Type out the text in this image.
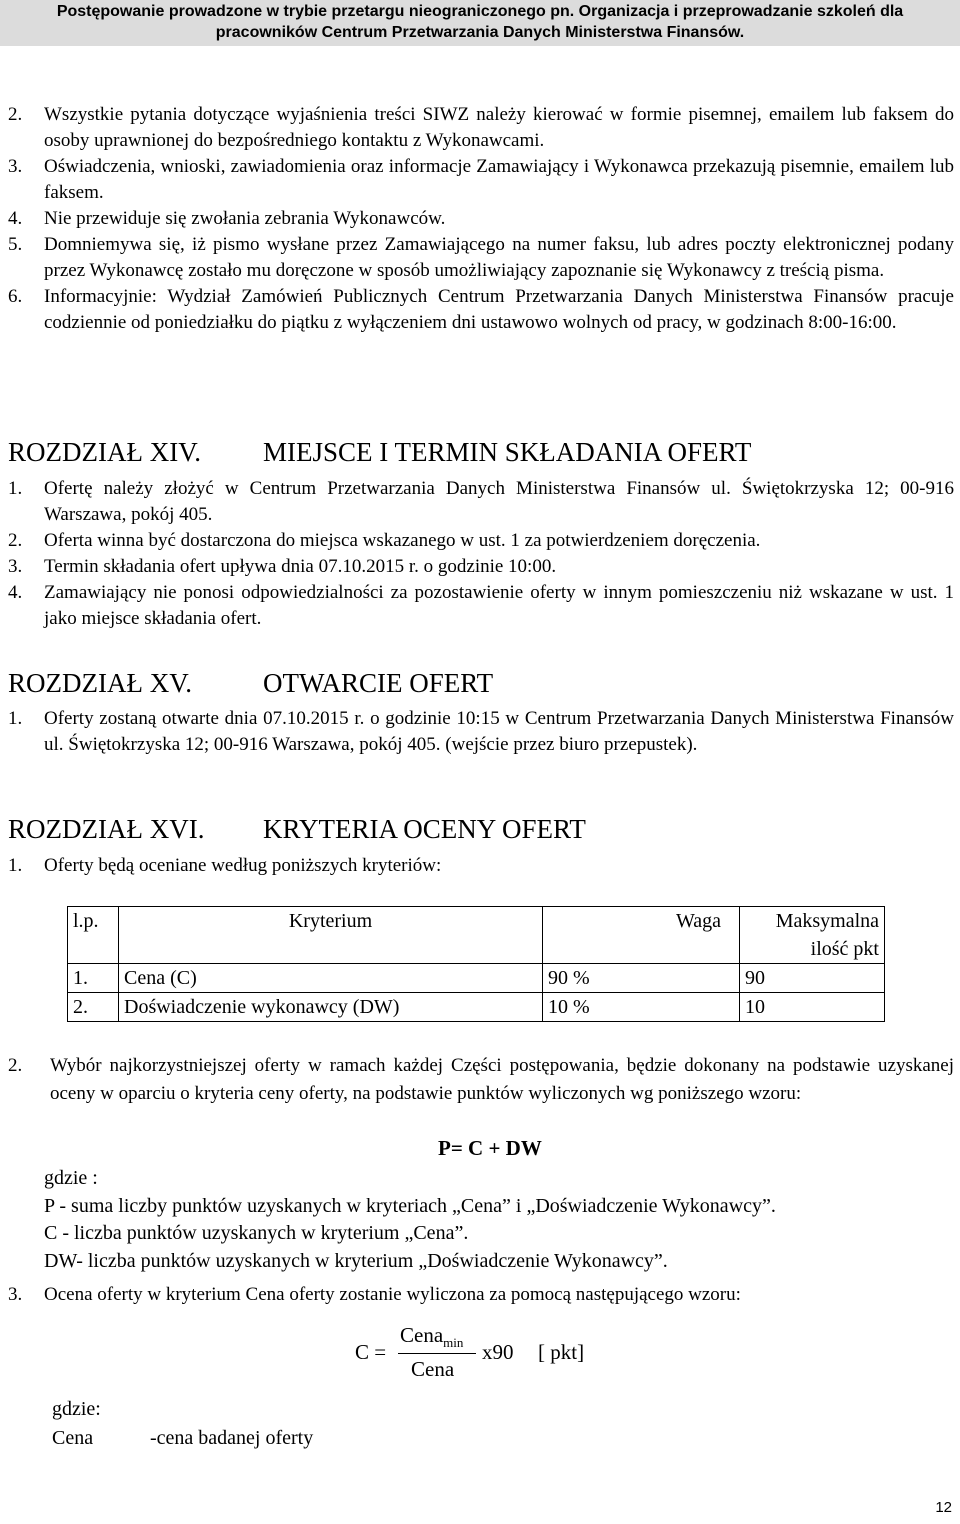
Postępowanie prowadzone w trybie przetargu nieograniczonego pn. Organizacja i przeprowadzanie szkoleń dla
pracowników Centrum Przetwarzania Danych Ministerstwa Finansów.
2. Wszystkie pytania dotyczące wyjaśnienia treści SIWZ należy kierować w formie pisemnej, emailem lub faksem do osoby uprawnionej do bezpośredniego kontaktu z Wykonawcami.
3. Oświadczenia, wnioski, zawiadomienia oraz informacje Zamawiający i Wykonawca przekazują pisemnie, emailem lub faksem.
4. Nie przewiduje się zwołania zebrania Wykonawców.
5. Domniemywa się, iż pismo wysłane przez Zamawiającego na numer faksu, lub adres poczty elektronicznej podany przez Wykonawcę zostało mu doręczone w sposób umożliwiający zapoznanie się Wykonawcy z treścią pisma.
6. Informacyjnie: Wydział Zamówień Publicznych Centrum Przetwarzania Danych Ministerstwa Finansów pracuje codziennie od poniedziałku do piątku z wyłączeniem dni ustawowo wolnych od pracy, w godzinach 8:00-16:00.
ROZDZIAŁ XIV. MIEJSCE I TERMIN SKŁADANIA OFERT
1. Ofertę należy złożyć w Centrum Przetwarzania Danych Ministerstwa Finansów ul. Świętokrzyska 12; 00-916 Warszawa, pokój 405.
2. Oferta winna być dostarczona do miejsca wskazanego w ust. 1 za potwierdzeniem doręczenia.
3. Termin składania ofert upływa dnia 07.10.2015 r. o godzinie 10:00.
4. Zamawiający nie ponosi odpowiedzialności za pozostawienie oferty w innym pomieszczeniu niż wskazane w ust. 1 jako miejsce składania ofert.
ROZDZIAŁ XV.	OTWARCIE OFERT
1. Oferty zostaną otwarte dnia 07.10.2015 r. o godzinie 10:15 w Centrum Przetwarzania Danych Ministerstwa Finansów ul. Świętokrzyska 12; 00-916 Warszawa, pokój 405. (wejście przez biuro przepustek).
ROZDZIAŁ XVI. KRYTERIA OCENY OFERT
1. Oferty będą oceniane według poniższych kryteriów:
l.p.	Kryterium	Waga	Maksymalna ilość pkt
1.	Cena (C)	90 %	90
2.	Doświadczenie wykonawcy (DW)	10 %	10
2. Wybór najkorzystniejszej oferty w ramach każdej Części postępowania, będzie dokonany na podstawie uzyskanej oceny w oparciu o kryteria ceny oferty, na podstawie punktów wyliczonych wg poniższego wzoru:
P= C + DW
gdzie :
P - suma liczby punktów uzyskanych w kryteriach „Cena” i „Doświadczenie Wykonawcy”.
C - liczba punktów uzyskanych w kryterium „Cena”.
DW- liczba punktów uzyskanych w kryterium „Doświadczenie Wykonawcy”.
3. Ocena oferty w kryterium Cena oferty zostanie wyliczona za pomocą następującego wzoru:
C =
Cena$_{min}$
Cena
x90 [ pkt]
gdzie:
Cena	-cena badanej oferty
12
